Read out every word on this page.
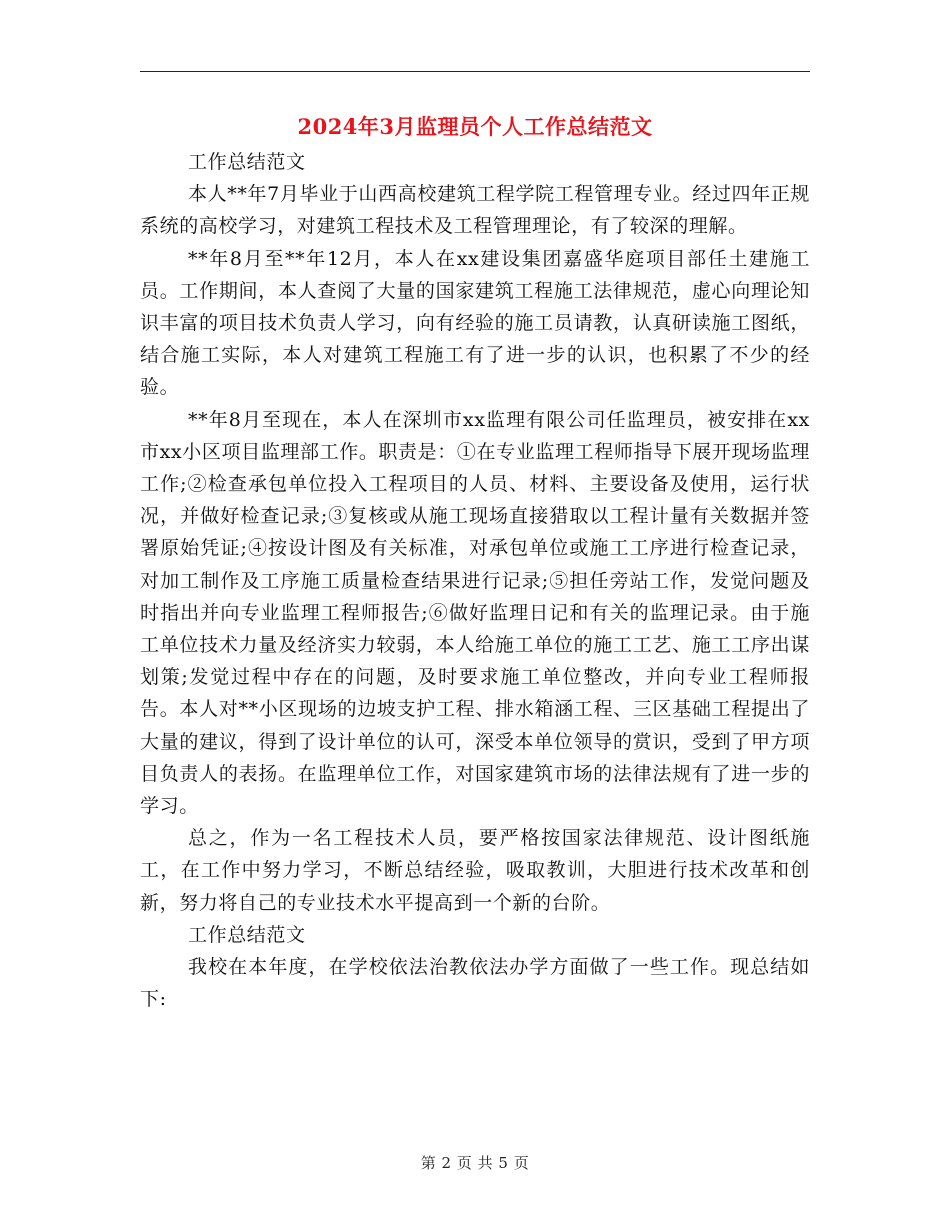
2024年3月监理员个人工作总结范文

工作总结范文

本人**年7月毕业于山西高校建筑工程学院工程管理专业。经过四年正规系统的高校学习，对建筑工程技术及工程管理理论，有了较深的理解。

**年8月至**年12月，本人在xx建设集团嘉盛华庭项目部任土建施工员。工作期间，本人查阅了大量的国家建筑工程施工法律规范，虚心向理论知识丰富的项目技术负责人学习，向有经验的施工员请教，认真研读施工图纸，结合施工实际，本人对建筑工程施工有了进一步的认识，也积累了不少的经验。

**年8月至现在，本人在深圳市xx监理有限公司任监理员，被安排在xx市xx小区项目监理部工作。职责是：①在专业监理工程师指导下展开现场监理工作;②检查承包单位投入工程项目的人员、材料、主要设备及使用，运行状况，并做好检查记录;③复核或从施工现场直接猎取以工程计量有关数据并签署原始凭证;④按设计图及有关标准，对承包单位或施工工序进行检查记录，对加工制作及工序施工质量检查结果进行记录;⑤担任旁站工作，发觉问题及时指出并向专业监理工程师报告;⑥做好监理日记和有关的监理记录。由于施工单位技术力量及经济实力较弱，本人给施工单位的施工工艺、施工工序出谋划策;发觉过程中存在的问题，及时要求施工单位整改，并向专业工程师报告。本人对**小区现场的边坡支护工程、排水箱涵工程、三区基础工程提出了大量的建议，得到了设计单位的认可，深受本单位领导的赏识，受到了甲方项目负责人的表扬。在监理单位工作，对国家建筑市场的法律法规有了进一步的学习。

总之，作为一名工程技术人员，要严格按国家法律规范、设计图纸施工，在工作中努力学习，不断总结经验，吸取教训，大胆进行技术改革和创新，努力将自己的专业技术水平提高到一个新的台阶。

工作总结范文

我校在本年度，在学校依法治教依法办学方面做了一些工作。现总结如下:

第 2 页 共 5 页
